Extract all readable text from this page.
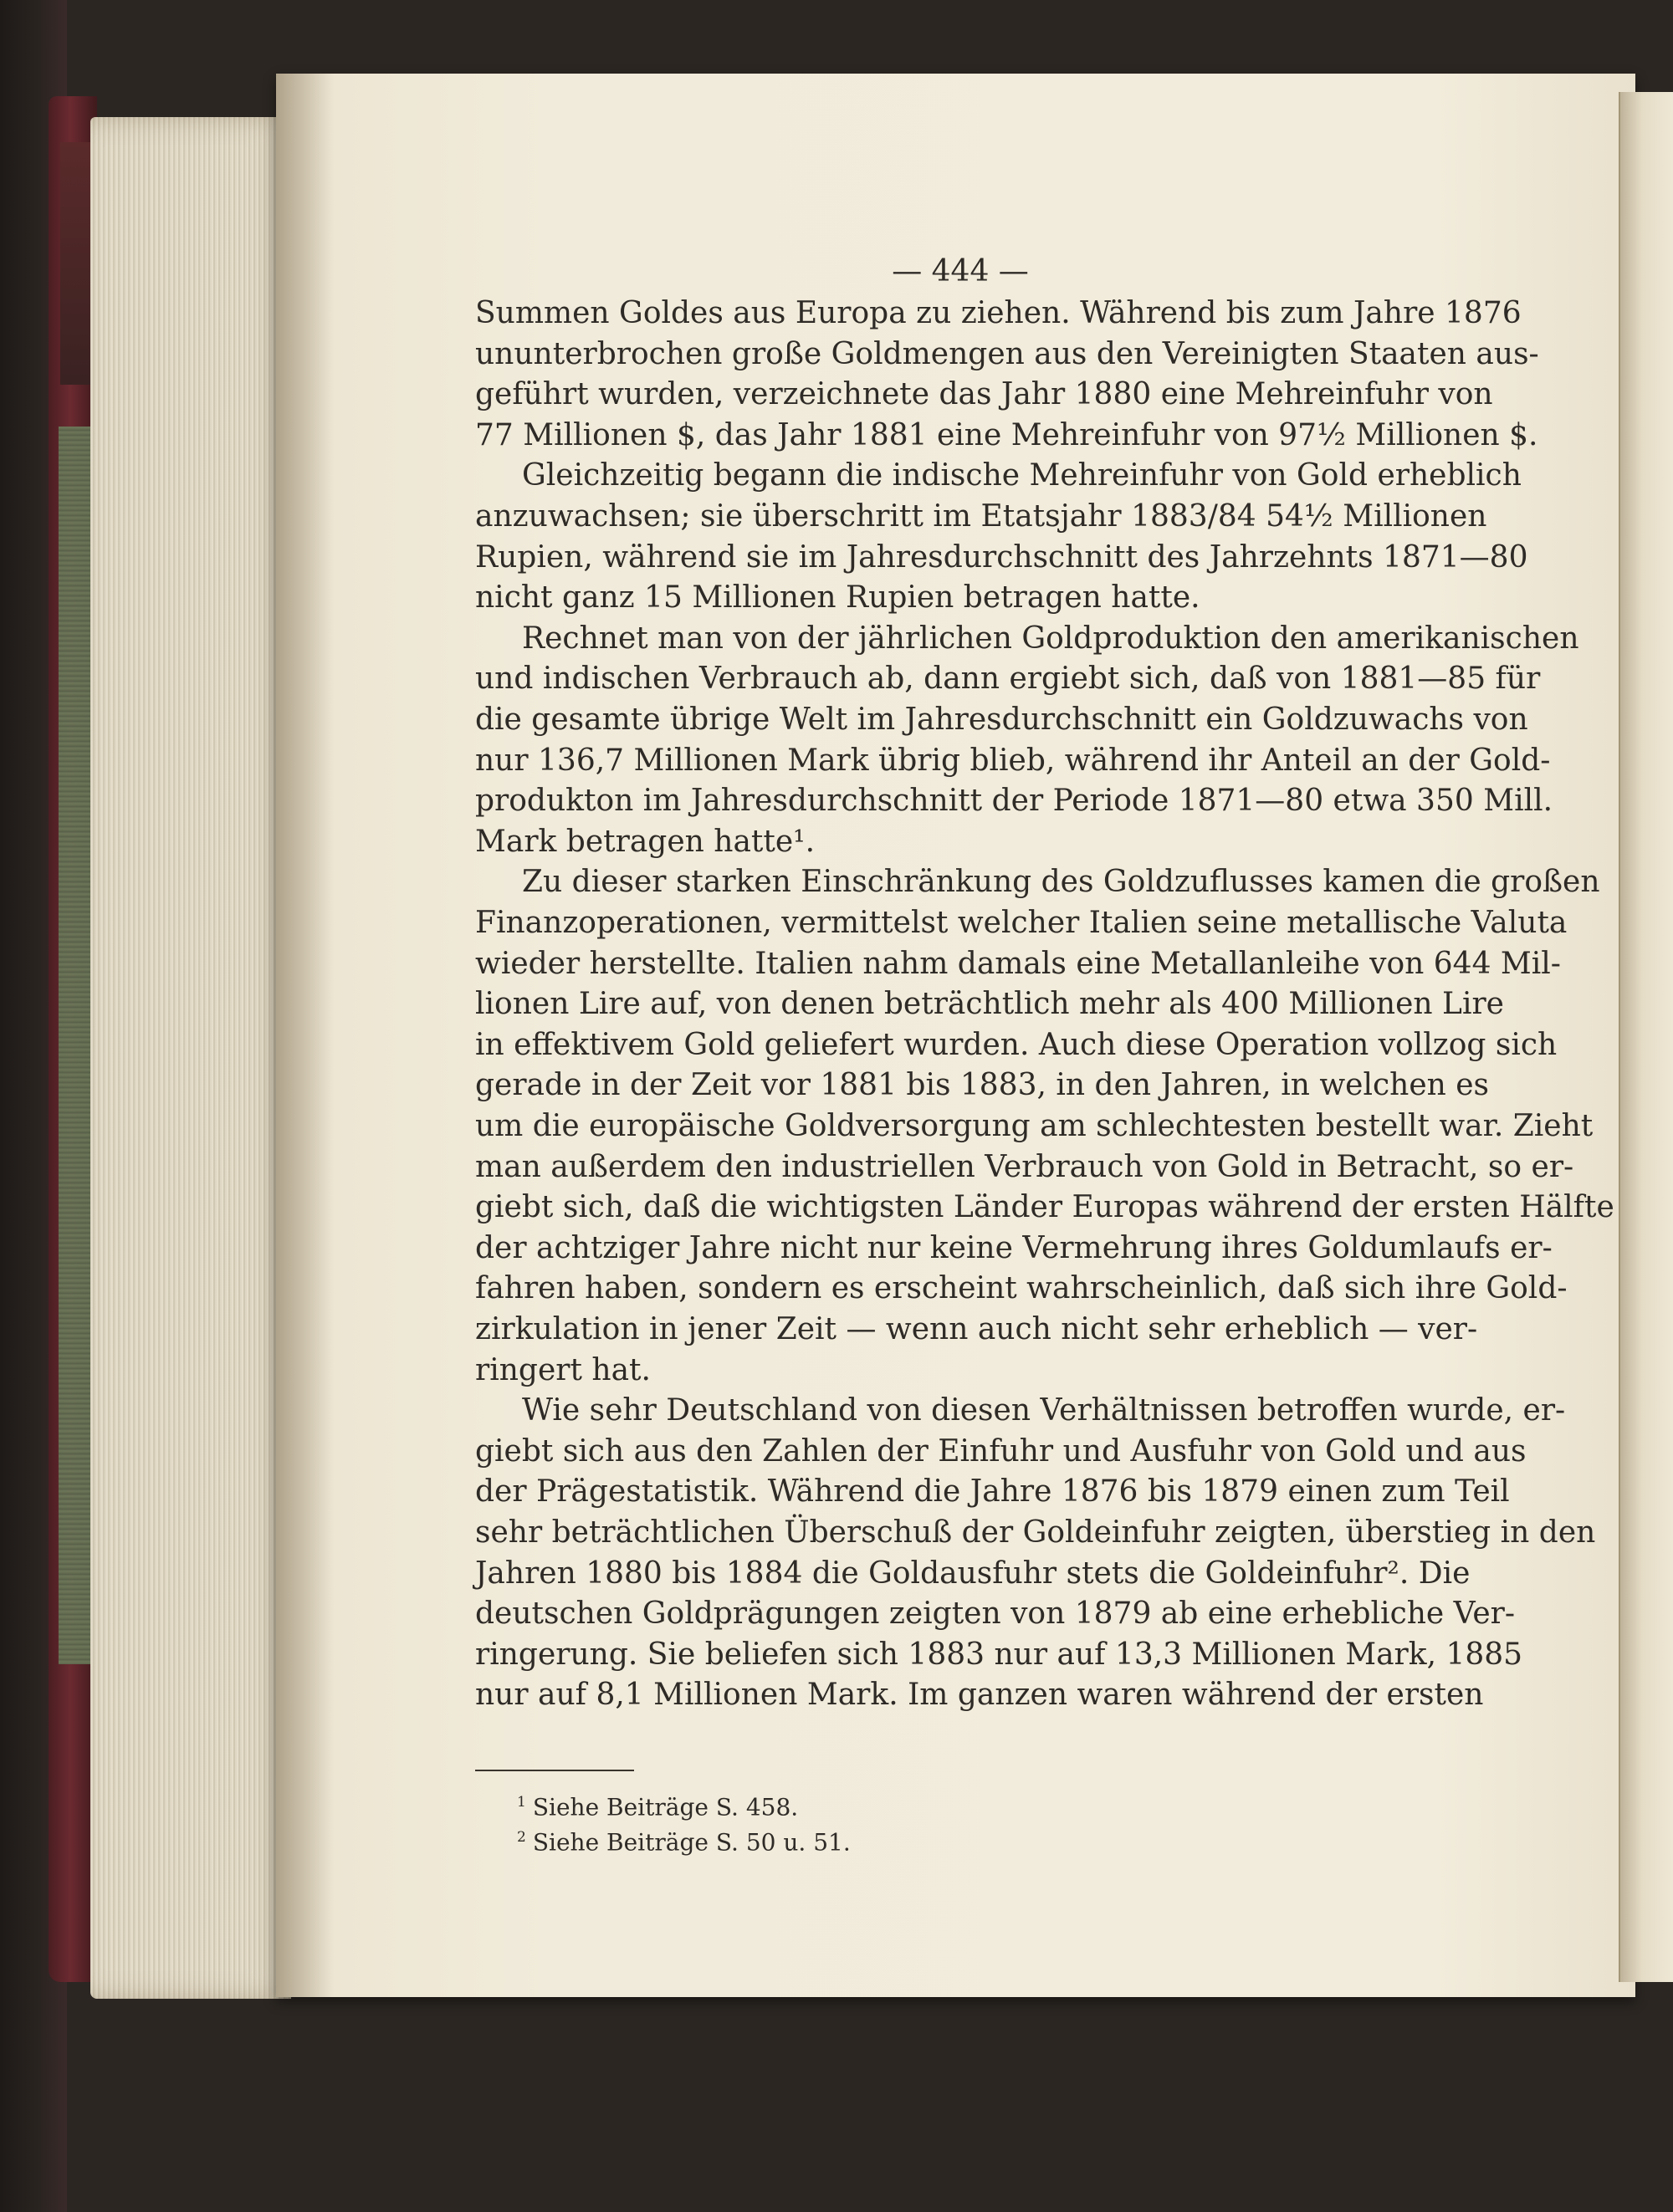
— 444 —
Summen Goldes aus Europa zu ziehen. Während bis zum Jahre 1876
ununterbrochen große Goldmengen aus den Vereinigten Staaten aus-
geführt wurden, verzeichnete das Jahr 1880 eine Mehreinfuhr von
77 Millionen $, das Jahr 1881 eine Mehreinfuhr von 97½ Millionen $.
Gleichzeitig begann die indische Mehreinfuhr von Gold erheblich
anzuwachsen; sie überschritt im Etatsjahr 1883/84 54½ Millionen
Rupien, während sie im Jahresdurchschnitt des Jahrzehnts 1871—80
nicht ganz 15 Millionen Rupien betragen hatte.
Rechnet man von der jährlichen Goldproduktion den amerikanischen
und indischen Verbrauch ab, dann ergiebt sich, daß von 1881—85 für
die gesamte übrige Welt im Jahresdurchschnitt ein Goldzuwachs von
nur 136,7 Millionen Mark übrig blieb, während ihr Anteil an der Gold-
produkton im Jahresdurchschnitt der Periode 1871—80 etwa 350 Mill.
Mark betragen hatte¹.
Zu dieser starken Einschränkung des Goldzuflusses kamen die großen
Finanzoperationen, vermittelst welcher Italien seine metallische Valuta
wieder herstellte. Italien nahm damals eine Metallanleihe von 644 Mil-
lionen Lire auf, von denen beträchtlich mehr als 400 Millionen Lire
in effektivem Gold geliefert wurden. Auch diese Operation vollzog sich
gerade in der Zeit vor 1881 bis 1883, in den Jahren, in welchen es
um die europäische Goldversorgung am schlechtesten bestellt war. Zieht
man außerdem den industriellen Verbrauch von Gold in Betracht, so er-
giebt sich, daß die wichtigsten Länder Europas während der ersten Hälfte
der achtziger Jahre nicht nur keine Vermehrung ihres Goldumlaufs er-
fahren haben, sondern es erscheint wahrscheinlich, daß sich ihre Gold-
zirkulation in jener Zeit — wenn auch nicht sehr erheblich — ver-
ringert hat.
Wie sehr Deutschland von diesen Verhältnissen betroffen wurde, er-
giebt sich aus den Zahlen der Einfuhr und Ausfuhr von Gold und aus
der Prägestatistik. Während die Jahre 1876 bis 1879 einen zum Teil
sehr beträchtlichen Überschuß der Goldeinfuhr zeigten, überstieg in den
Jahren 1880 bis 1884 die Goldausfuhr stets die Goldeinfuhr². Die
deutschen Goldprägungen zeigten von 1879 ab eine erhebliche Ver-
ringerung. Sie beliefen sich 1883 nur auf 13,3 Millionen Mark, 1885
nur auf 8,1 Millionen Mark. Im ganzen waren während der ersten
$^1$ Siehe Beiträge S. 458.
$^2$ Siehe Beiträge S. 50 u. 51.
